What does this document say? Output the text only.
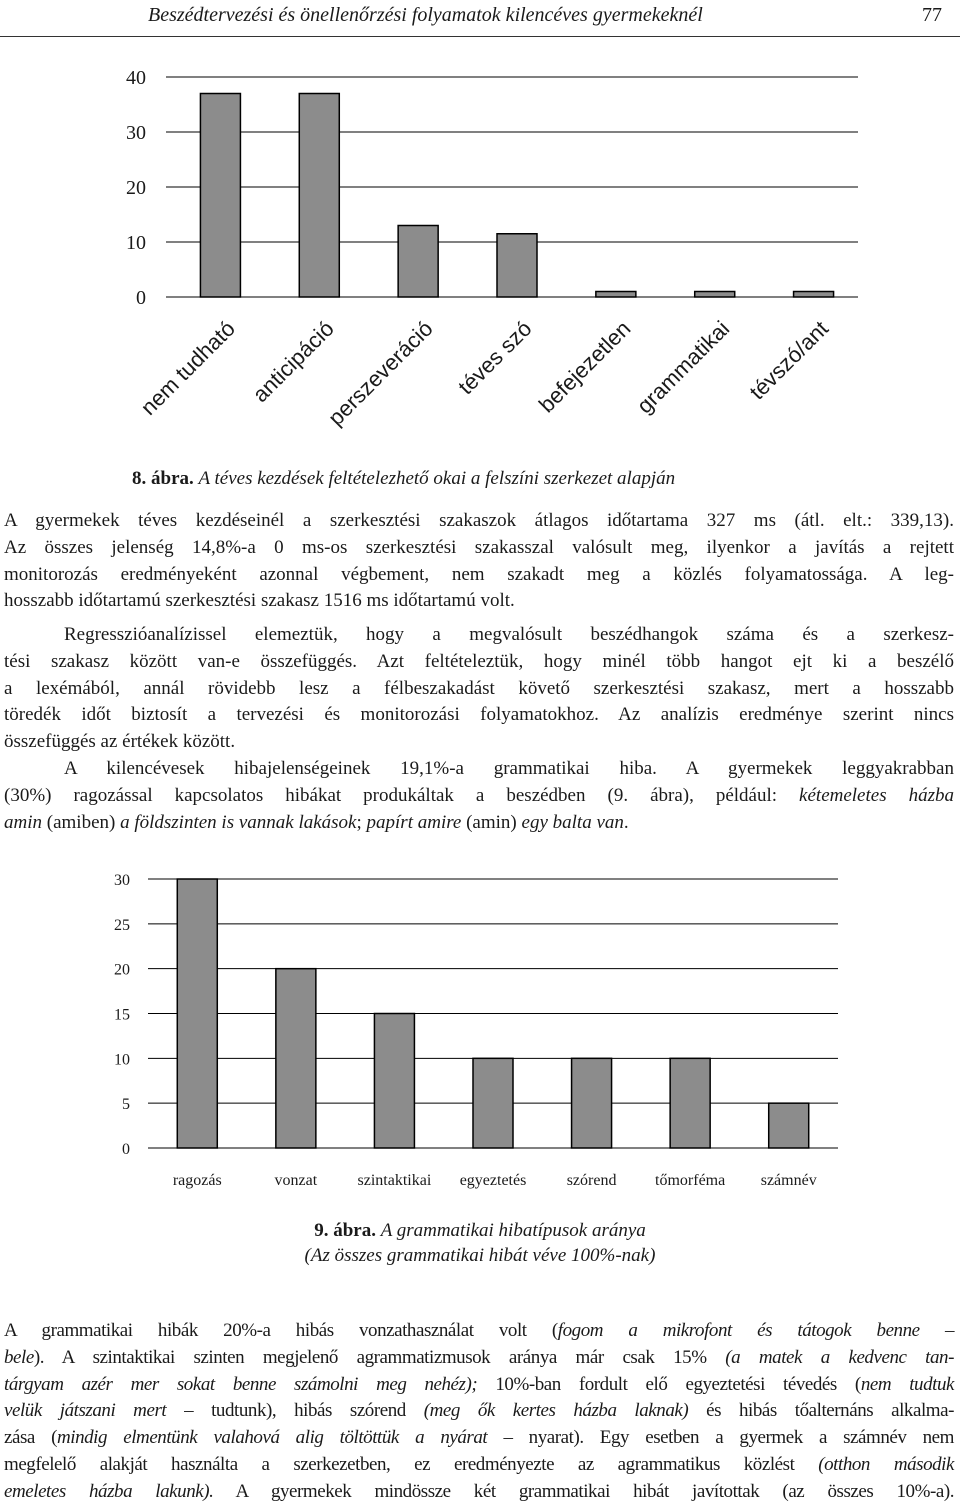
Beszédtervezési és önellenőrzési folyamatok kilencéves gyermekeknél	77
0
10
20
30
40
nem tudható anticipáció
perszeveráció téves szó
befejezetlen
grammatikai tévszó/ant
8. ábra. A téves kezdések feltételezhető okai a felszíni szerkezet alapján
A gyermekek téves kezdéseinél a szerkesztési szakaszok átlagos időtartama 327 ms (átl. elt.: 339,13).
Az összes jelenség 14,8%-a 0 ms-os szerkesztési szakasszal valósult meg, ilyenkor a javítás a rejtett
monitorozás eredményeként azonnal végbement, nem szakadt meg a közlés folyamatossága. A leg-
hosszabb időtartamú szerkesztési szakasz 1516 ms időtartamú volt.
Regresszióanalízissel elemeztük, hogy a megvalósult beszédhangok száma és a szerkesz-
tési szakasz között van-e összefüggés. Azt feltételeztük, hogy minél több hangot ejt ki a beszélő
a lexémából, annál rövidebb lesz a félbeszakadást követő szerkesztési szakasz, mert a hosszabb
töredék időt biztosít a tervezési és monitorozási folyamatokhoz. Az analízis eredménye szerint nincs
összefüggés az értékek között.
A kilencévesek hibajelenségeinek 19,1%-a grammatikai hiba. A gyermekek leggyakrabban
(30%) ragozással kapcsolatos hibákat produkáltak a beszédben (9. ábra), például: kétemeletes házba
amin (amiben) a földszinten is vannak lakások; papírt amire (amin) egy balta van.
0
5
10
15
20
25
30
ragozás	vonzat	szintaktikai egyeztetés	szórend tőmorféma számnév
9. ábra. A grammatikai hibatípusok aránya
(Az összes grammatikai hibát véve 100%-nak)
A grammatikai hibák 20%-a hibás vonzathasználat volt (fogom a mikrofont és tátogok benne –
bele). A szintaktikai szinten megjelenő agrammatizmusok aránya már csak 15% (a matek a kedvenc tan-
tárgyam azér mer sokat benne számolni meg nehéz); 10%-ban fordult elő egyeztetési tévedés (nem tudtuk
velük játszani mert – tudtunk), hibás szórend (meg ők kertes házba laknak) és hibás tőalternáns alkalma-
zása (mindig elmentünk valahová alig töltöttük a nyárat – nyarat). Egy esetben a gyermek a számnév nem
megfelelő alakját használta a szerkezetben, ez eredményezte az agrammatikus közlést (otthon második
emeletes házba lakunk). A gyermekek mindössze két grammatikai hibát javítottak (az összes 10%-a).
